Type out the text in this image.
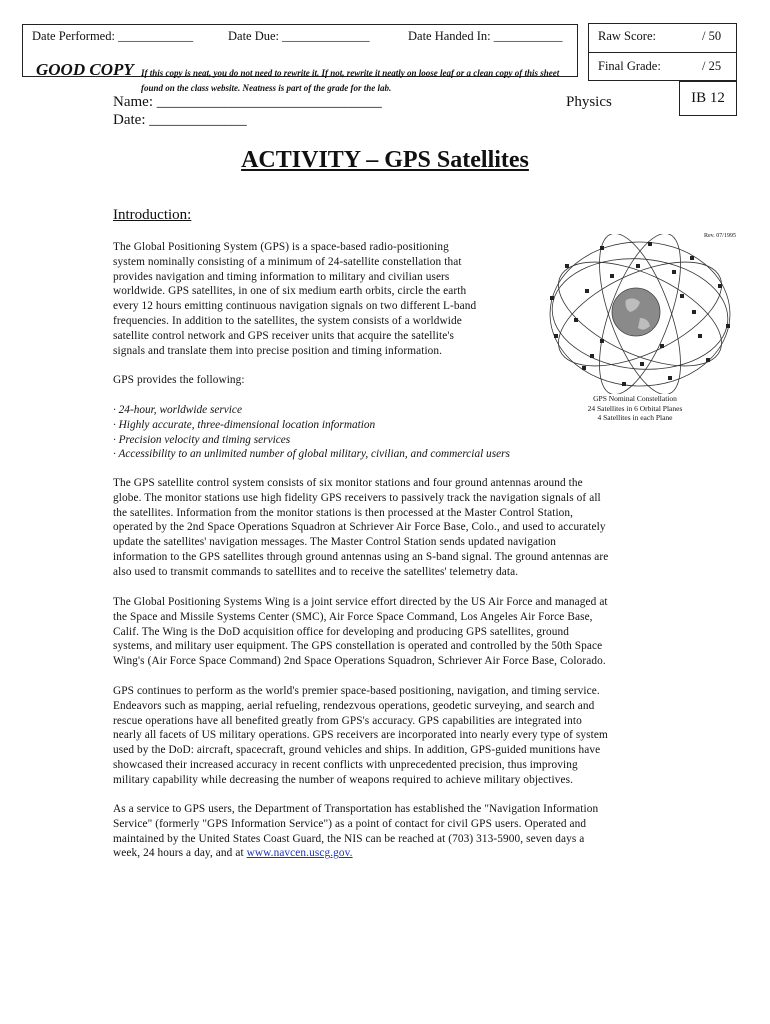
Date Performed: ____________	Date Due: ______________	Date Handed In: ___________
GOOD COPY If this copy is neat, you do not need to rewrite it. If not, rewrite it neatly on loose leaf or a clean copy of this sheet found on the class website. Neatness is part of the grade for the lab.
Raw Score:	/ 50
Final Grade:	/ 25
IB 12
Name: ______________________________
Date: _____________
Physics
ACTIVITY – GPS Satellites
Introduction:
The Global Positioning System (GPS) is a space-based radio-positioning
system nominally consisting of a minimum of 24-satellite constellation that
provides navigation and timing information to military and civilian users
worldwide. GPS satellites, in one of six medium earth orbits, circle the earth
every 12 hours emitting continuous navigation signals on two different L-band
frequencies. In addition to the satellites, the system consists of a worldwide
satellite control network and GPS receiver units that acquire the satellite's
signals and translate them into precise position and timing information.
GPS provides the following:
· 24-hour, worldwide service
· Highly accurate, three-dimensional location information
· Precision velocity and timing services
· Accessibility to an unlimited number of global military, civilian, and commercial users
The GPS satellite control system consists of six monitor stations and four ground antennas around the
globe. The monitor stations use high fidelity GPS receivers to passively track the navigation signals of all
the satellites. Information from the monitor stations is then processed at the Master Control Station,
operated by the 2nd Space Operations Squadron at Schriever Air Force Base, Colo., and used to accurately
update the satellites' navigation messages. The Master Control Station sends updated navigation
information to the GPS satellites through ground antennas using an S-band signal. The ground antennas are
also used to transmit commands to satellites and to receive the satellites' telemetry data.
The Global Positioning Systems Wing is a joint service effort directed by the US Air Force and managed at
the Space and Missile Systems Center (SMC), Air Force Space Command, Los Angeles Air Force Base,
Calif. The Wing is the DoD acquisition office for developing and producing GPS satellites, ground
systems, and military user equipment. The GPS constellation is operated and controlled by the 50th Space
Wing's (Air Force Space Command) 2nd Space Operations Squadron, Schriever Air Force Base, Colorado.
GPS continues to perform as the world's premier space-based positioning, navigation, and timing service.
Endeavors such as mapping, aerial refueling, rendezvous operations, geodetic surveying, and search and
rescue operations have all benefited greatly from GPS's accuracy. GPS capabilities are integrated into
nearly all facets of US military operations. GPS receivers are incorporated into nearly every type of system
used by the DoD: aircraft, spacecraft, ground vehicles and ships. In addition, GPS-guided munitions have
showcased their increased accuracy in recent conflicts with unprecedented precision, thus improving
military capability while decreasing the number of weapons required to achieve military objectives.
As a service to GPS users, the Department of Transportation has established the "Navigation Information
Service" (formerly "GPS Information Service") as a point of contact for civil GPS users. Operated and
maintained by the United States Coast Guard, the NIS can be reached at (703) 313-5900, seven days a
week, 24 hours a day, and at www.navcen.uscg.gov.
Rev. 07/1995
GPS Nominal Constellation
24 Satellites in 6 Orbital Planes
4 Satellites in each Plane
